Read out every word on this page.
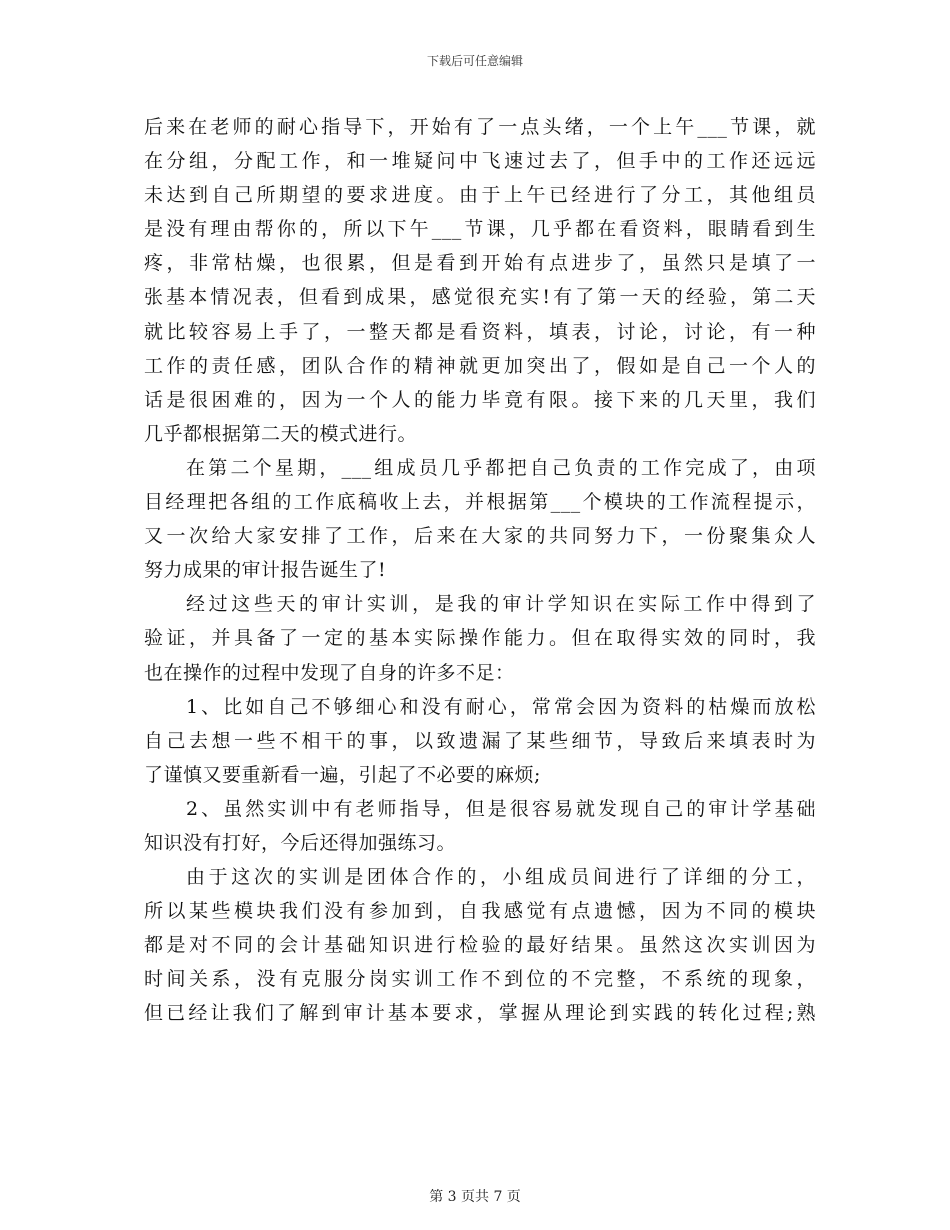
下载后可任意编辑
后来在老师的耐心指导下，开始有了一点头绪，一个上午___节课，就
在分组，分配工作，和一堆疑问中飞速过去了，但手中的工作还远远
未达到自己所期望的要求进度。由于上午已经进行了分工，其他组员
是没有理由帮你的，所以下午___节课，几乎都在看资料，眼睛看到生
疼，非常枯燥，也很累，但是看到开始有点进步了，虽然只是填了一
张基本情况表，但看到成果，感觉很充实!有了第一天的经验，第二天
就比较容易上手了，一整天都是看资料，填表，讨论，讨论，有一种
工作的责任感，团队合作的精神就更加突出了，假如是自己一个人的
话是很困难的，因为一个人的能力毕竟有限。接下来的几天里，我们
几乎都根据第二天的模式进行。
在第二个星期，___组成员几乎都把自己负责的工作完成了，由项
目经理把各组的工作底稿收上去，并根据第___个模块的工作流程提示，
又一次给大家安排了工作，后来在大家的共同努力下，一份聚集众人
努力成果的审计报告诞生了!
经过这些天的审计实训，是我的审计学知识在实际工作中得到了
验证，并具备了一定的基本实际操作能力。但在取得实效的同时，我
也在操作的过程中发现了自身的许多不足：
1、比如自己不够细心和没有耐心，常常会因为资料的枯燥而放松
自己去想一些不相干的事，以致遗漏了某些细节，导致后来填表时为
了谨慎又要重新看一遍，引起了不必要的麻烦;
2、虽然实训中有老师指导，但是很容易就发现自己的审计学基础
知识没有打好，今后还得加强练习。
由于这次的实训是团体合作的，小组成员间进行了详细的分工，
所以某些模块我们没有参加到，自我感觉有点遗憾，因为不同的模块
都是对不同的会计基础知识进行检验的最好结果。虽然这次实训因为
时间关系，没有克服分岗实训工作不到位的不完整，不系统的现象，
但已经让我们了解到审计基本要求，掌握从理论到实践的转化过程;熟
第 3 页共 7 页
